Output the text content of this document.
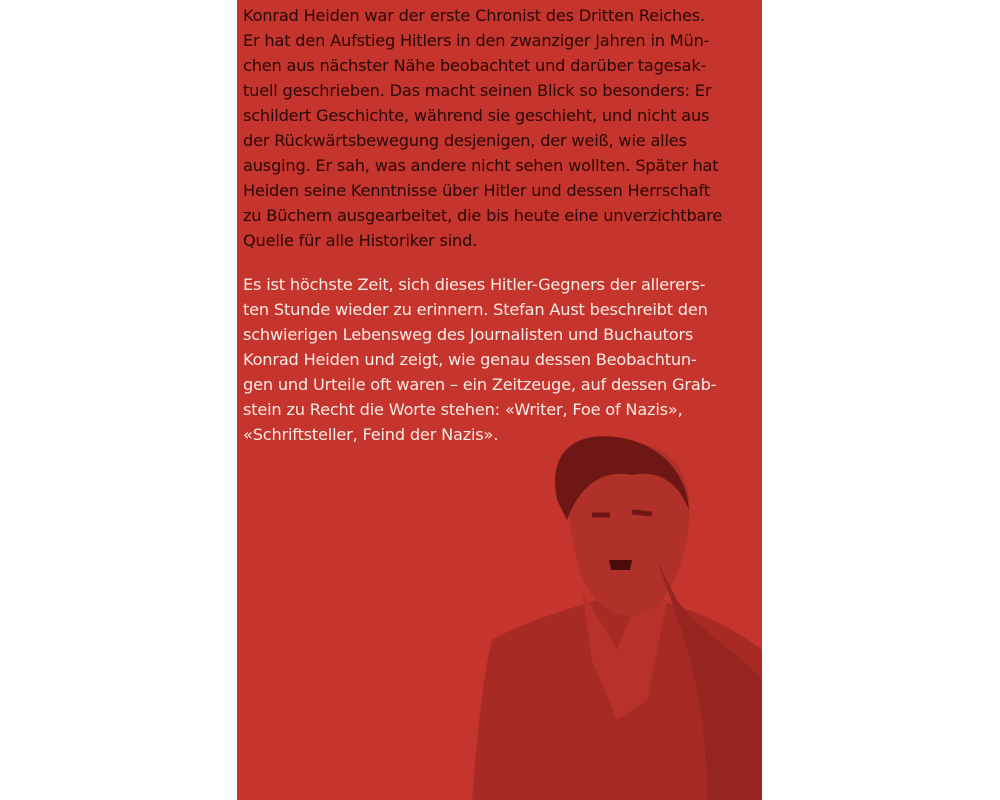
Konrad Heiden war der erste Chronist des Dritten Reiches.
Er hat den Aufstieg Hitlers in den zwanziger Jahren in Mün-
chen aus nächster Nähe beobachtet und darüber tagesak-
tuell geschrieben. Das macht seinen Blick so besonders: Er
schildert Geschichte, während sie geschieht, und nicht aus
der Rückwärtsbewegung desjenigen, der weiß, wie alles
ausging. Er sah, was andere nicht sehen wollten. Später hat
Heiden seine Kenntnisse über Hitler und dessen Herrschaft
zu Büchern ausgearbeitet, die bis heute eine unverzichtbare
Quelle für alle Historiker sind.
Es ist höchste Zeit, sich dieses Hitler-Gegners der allerers-
ten Stunde wieder zu erinnern. Stefan Aust beschreibt den
schwierigen Lebensweg des Journalisten und Buchautors
Konrad Heiden und zeigt, wie genau dessen Beobachtun-
gen und Urteile oft waren – ein Zeitzeuge, auf dessen Grab-
stein zu Recht die Worte stehen: «Writer, Foe of Nazis»,
«Schriftsteller, Feind der Nazis».
